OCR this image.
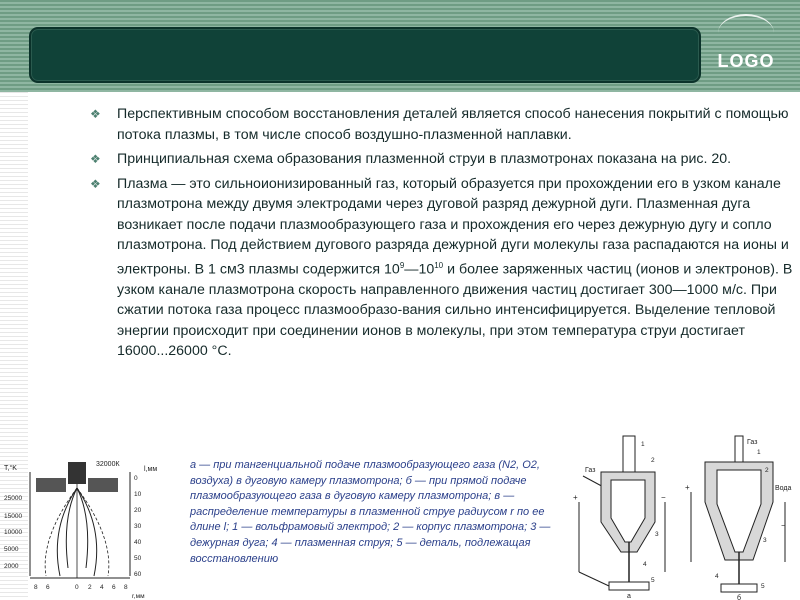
LOGO
❖	Перспективным способом восстановления деталей является способ нанесения покрытий с помощью потока плазмы, в том числе способ воздушно-плазменной наплавки.
❖	Принципиальная схема образования плазменной струи в плазмотронах показана на рис. 20.
❖	Плазма — это сильноионизированный газ, который образуется при прохождении его в узком канале плазмотрона между двумя электродами через дуговой разряд дежурной дуги. Плазменная дуга возникает после подачи плазмообразующего газа и прохождения его через дежурную дугу и сопло плазмотрона. Под действием дугового разряда дежурной дуги молекулы газа распадаются на ионы и электроны. В 1 см3 плазмы содержится $10^9—10^{10}$ и более заряженных частиц (ионов и электронов). В узком канале плазмотрона скорость направленного движения частиц достигает 300—1000 м/с. При сжатии потока газа процесс плазмообразо-вания сильно интенсифицируется. Выделение тепловой энергии происходит при соединении ионов в молекулы, при этом температура струи достигает 16000...26000 °С.
T,°K
32000К
l,мм
25000
15000
10000
5000
2000
0
10
20
30
40
50
60
8 6	0 2 4 6 8
r,мм
а — при тангенциальной подаче плазмообразующего газа (N2, O2, воздуха) в дуговую камеру плазмотрона; б — при прямой подаче плазмообразующего газа в дуговую камеру плазмотрона; в — распределение температуры в плазменной струе радиусом r по ее длине l; 1 — вольфрамовый электрод; 2 — корпус плазмотрона; 3 — дежурная дуга; 4 — плазменная струя; 5 — деталь, подлежащая восстановлению
Газ
+	−
1
2
3
4
5
а
Газ
Вода
+
−
1
2
3
4
5
б
